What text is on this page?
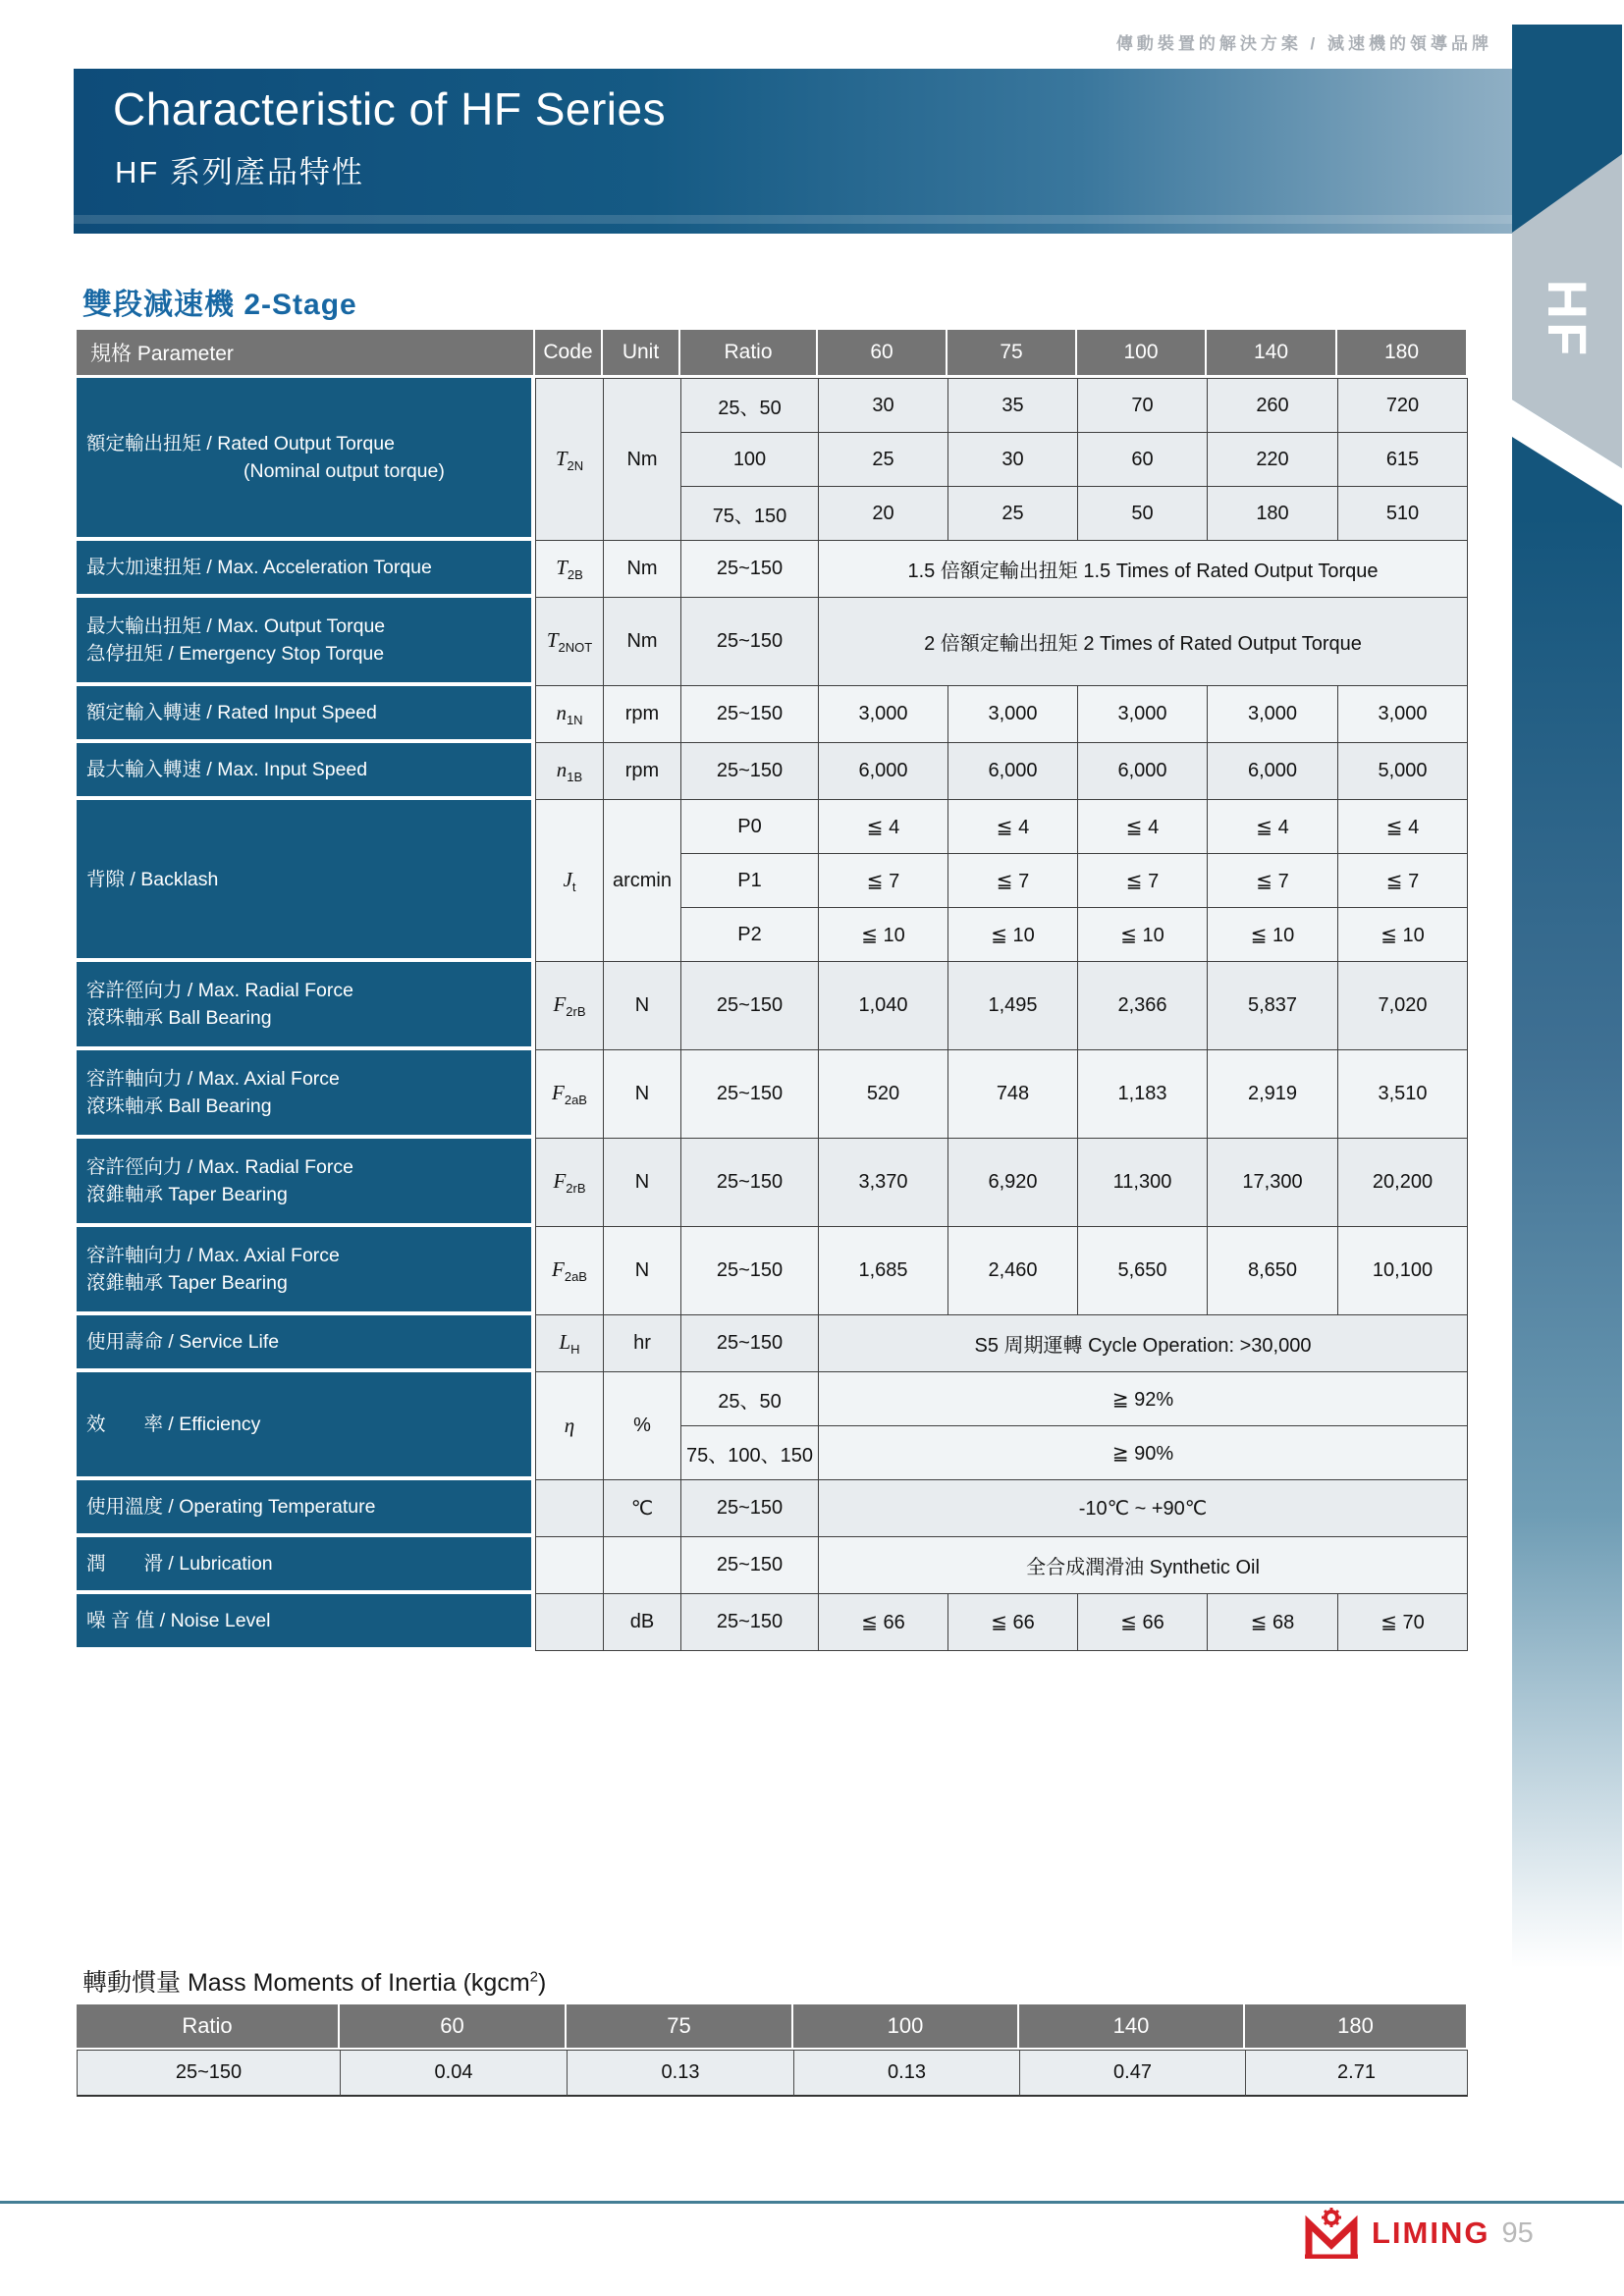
傳動裝置的解決方案 / 減速機的領導品牌
Characteristic of HF Series
HF 系列產品特性
HF
雙段減速機 2-Stage
規格 Parameter	Code	Unit	Ratio	60	75	100	140	180

額定輸出扭矩 / Rated Output Torque
(Nominal output torque)	$T_{2N}$	Nm	25、50	30	35	70	260	720
			100	25	30	60	220	615
			75、150	20	25	50	180	510

最大加速扭矩 / Max. Acceleration Torque	$T_{2B}$	Nm	25~150	1.5 倍額定輸出扭矩 1.5 Times of Rated Output Torque				

最大輸出扭矩 / Max. Output Torque
急停扭矩 / Emergency Stop Torque	$T_{2NOT}$	Nm	25~150	2 倍額定輸出扭矩 2 Times of Rated Output Torque				

額定輸入轉速 / Rated Input Speed	$n_{1N}$	rpm	25~150	3,000	3,000	3,000	3,000	3,000

最大輸入轉速 / Max. Input Speed	$n_{1B}$	rpm	25~150	6,000	6,000	6,000	6,000	5,000

背隙 / Backlash	$J_t$	arcmin	P0	≦ 4	≦ 4	≦ 4	≦ 4	≦ 4
			P1	≦ 7	≦ 7	≦ 7	≦ 7	≦ 7
			P2	≦ 10	≦ 10	≦ 10	≦ 10	≦ 10

容許徑向力 / Max. Radial Force
滾珠軸承 Ball Bearing	$F_{2rB}$	N	25~150	1,040	1,495	2,366	5,837	7,020

容許軸向力 / Max. Axial Force
滾珠軸承 Ball Bearing	$F_{2aB}$	N	25~150	520	748	1,183	2,919	3,510

容許徑向力 / Max. Radial Force
滾錐軸承 Taper Bearing	$F_{2rB}$	N	25~150	3,370	6,920	11,300	17,300	20,200

容許軸向力 / Max. Axial Force
滾錐軸承 Taper Bearing	$F_{2aB}$	N	25~150	1,685	2,460	5,650	8,650	10,100

使用壽命 / Service Life	$L_H$	hr	25~150	S5 周期運轉 Cycle Operation: >30,000				

效　　率 / Efficiency	η	%	25、50	≧ 92%				
			75、100、150	≧ 90%				

使用溫度 / Operating Temperature		℃	25~150	-10℃ ~ +90℃				

潤　　滑 / Lubrication			25~150	全合成潤滑油 Synthetic Oil				

噪 音 值 / Noise Level		dB	25~150	≦ 66	≦ 66	≦ 66	≦ 68	≦ 70
轉動慣量 Mass Moments of Inertia (kgcm$^2$)
Ratio	60	75	100	140	180
25~150	0.04	0.13	0.13	0.47	2.71
LIMING 95
